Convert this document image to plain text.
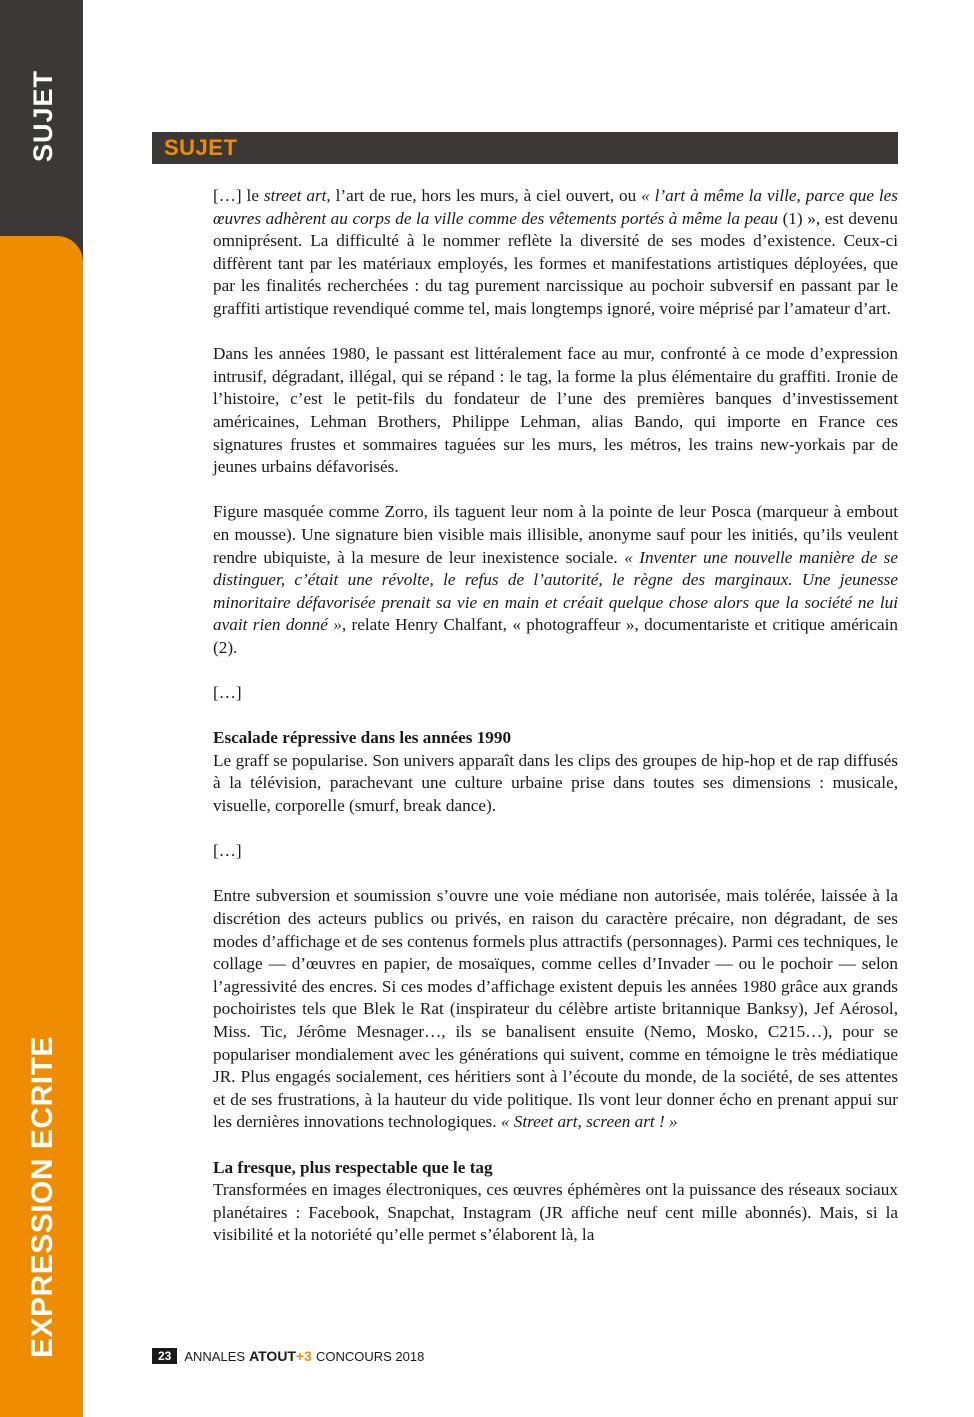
SUJET
EXPRESSION ECRITE
SUJET

[…] le street art, l’art de rue, hors les murs, à ciel ouvert, ou « l’art à même la ville, parce que les œuvres adhèrent au corps de la ville comme des vêtements portés à même la peau (1) », est devenu omniprésent. La difficulté à le nommer reflète la diversité de ses modes d’existence. Ceux-ci diffèrent tant par les matériaux employés, les formes et manifestations artistiques déployées, que par les finalités recherchées : du tag purement narcissique au pochoir subversif en passant par le graffiti artistique revendiqué comme tel, mais longtemps ignoré, voire méprisé par l’amateur d’art.

Dans les années 1980, le passant est littéralement face au mur, confronté à ce mode d’expression intrusif, dégradant, illégal, qui se répand : le tag, la forme la plus élémentaire du graffiti. Ironie de l’histoire, c’est le petit-fils du fondateur de l’une des premières banques d’investissement américaines, Lehman Brothers, Philippe Lehman, alias Bando, qui importe en France ces signatures frustes et sommaires taguées sur les murs, les métros, les trains new-yorkais par de jeunes urbains défavorisés.

Figure masquée comme Zorro, ils taguent leur nom à la pointe de leur Posca (marqueur à embout en mousse). Une signature bien visible mais illisible, anonyme sauf pour les initiés, qu’ils veulent rendre ubiquiste, à la mesure de leur inexistence sociale. « Inventer une nouvelle manière de se distinguer, c’était une révolte, le refus de l’autorité, le règne des marginaux. Une jeunesse minoritaire défavorisée prenait sa vie en main et créait quelque chose alors que la société ne lui avait rien donné », relate Henry Chalfant, « photograffeur », documentariste et critique américain (2).

[…]

Escalade répressive dans les années 1990

Le graff se popularise. Son univers apparaît dans les clips des groupes de hip-hop et de rap diffusés à la télévision, parachevant une culture urbaine prise dans toutes ses dimensions : musicale, visuelle, corporelle (smurf, break dance).

[…]

Entre subversion et soumission s’ouvre une voie médiane non autorisée, mais tolérée, laissée à la discrétion des acteurs publics ou privés, en raison du caractère précaire, non dégradant, de ses modes d’affichage et de ses contenus formels plus attractifs (personnages). Parmi ces techniques, le collage — d’œuvres en papier, de mosaïques, comme celles d’Invader — ou le pochoir — selon l’agressivité des encres. Si ces modes d’affichage existent depuis les années 1980 grâce aux grands pochoiristes tels que Blek le Rat (inspirateur du célèbre artiste britannique Banksy), Jef Aérosol, Miss. Tic, Jérôme Mesnager…, ils se banalisent ensuite (Nemo, Mosko, C215…), pour se populariser mondialement avec les générations qui suivent, comme en témoigne le très médiatique JR. Plus engagés socialement, ces héritiers sont à l’écoute du monde, de la société, de ses attentes et de ses frustrations, à la hauteur du vide politique. Ils vont leur donner écho en prenant appui sur les dernières innovations technologiques. « Street art, screen art ! »

La fresque, plus respectable que le tag

Transformées en images électroniques, ces œuvres éphémères ont la puissance des réseaux sociaux planétaires : Facebook, Snapchat, Instagram (JR affiche neuf cent mille abonnés). Mais, si la visibilité et la notoriété qu’elle permet s’élaborent là, la

23	ANNALES ATOUT+3 CONCOURS 2018
